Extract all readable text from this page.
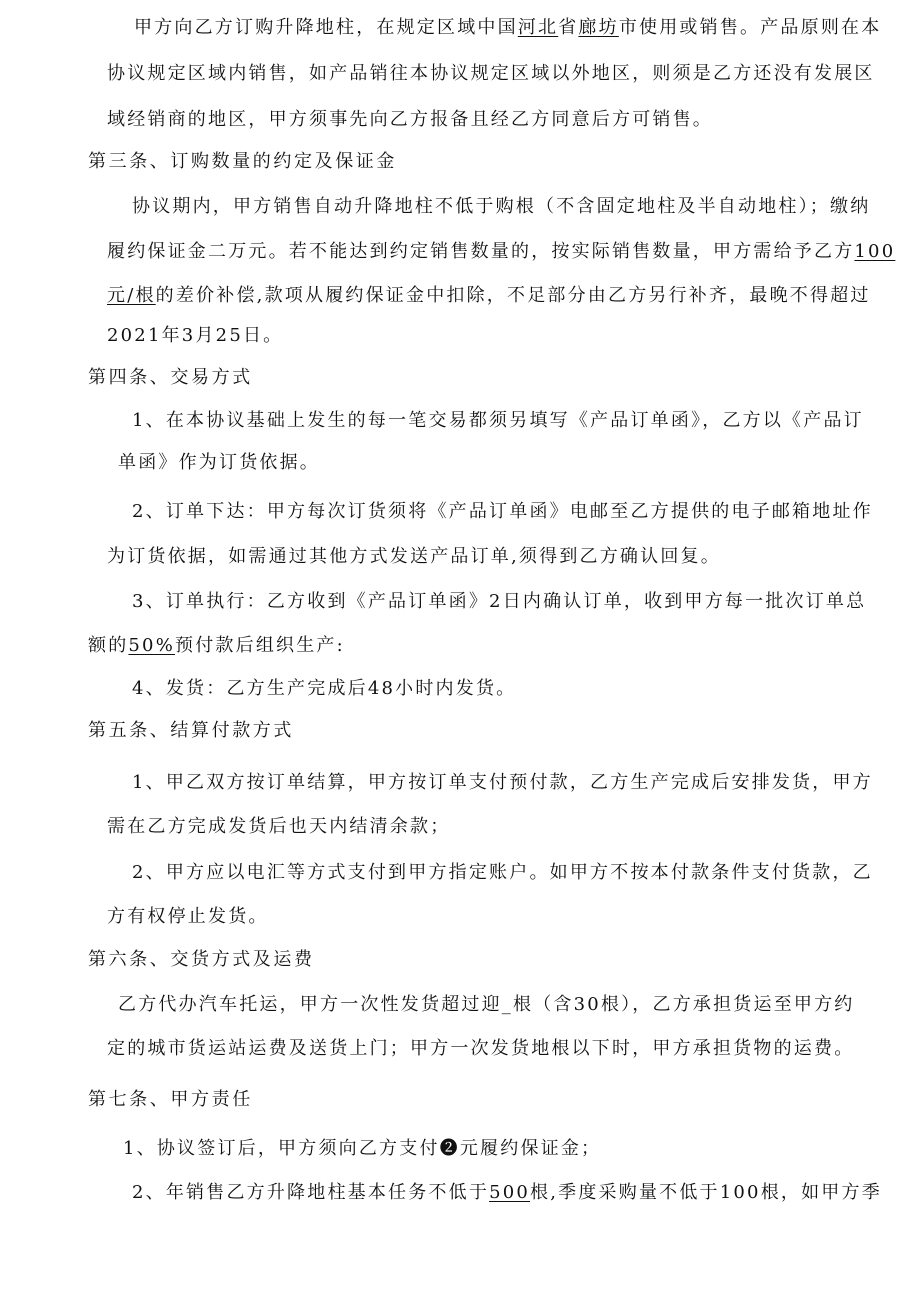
甲方向乙方订购升降地柱，在规定区域中国河北省廊坊市使用或销售。产品原则在本
协议规定区域内销售，如产品销往本协议规定区域以外地区，则须是乙方还没有发展区
域经销商的地区，甲方须事先向乙方报备且经乙方同意后方可销售。
第三条、订购数量的约定及保证金
协议期内，甲方销售自动升降地柱不低于购根（不含固定地柱及半自动地柱）；缴纳
履约保证金二万元。若不能达到约定销售数量的，按实际销售数量，甲方需给予乙方100
元/根的差价补偿,款项从履约保证金中扣除，不足部分由乙方另行补齐，最晚不得超过
2021年3月25日。
第四条、交易方式
1、在本协议基础上发生的每一笔交易都须另填写《产品订单函》，乙方以《产品订
单函》作为订货依据。
2、订单下达：甲方每次订货须将《产品订单函》电邮至乙方提供的电子邮箱地址作
为订货依据，如需通过其他方式发送产品订单,须得到乙方确认回复。
3、订单执行：乙方收到《产品订单函》2日内确认订单，收到甲方每一批次订单总
额的50%预付款后组织生产:
4、发货：乙方生产完成后48小时内发货。
第五条、结算付款方式
1、甲乙双方按订单结算，甲方按订单支付预付款，乙方生产完成后安排发货，甲方
需在乙方完成发货后也天内结清余款；
2、甲方应以电汇等方式支付到甲方指定账户。如甲方不按本付款条件支付货款，乙
方有权停止发货。
第六条、交货方式及运费
乙方代办汽车托运，甲方一次性发货超过迎_根（含30根），乙方承担货运至甲方约
定的城市货运站运费及送货上门；甲方一次发货地根以下时，甲方承担货物的运费。
第七条、甲方责任
1、协议签订后，甲方须向乙方支付❷元履约保证金；
2、年销售乙方升降地柱基本任务不低于500根,季度采购量不低于100根，如甲方季
